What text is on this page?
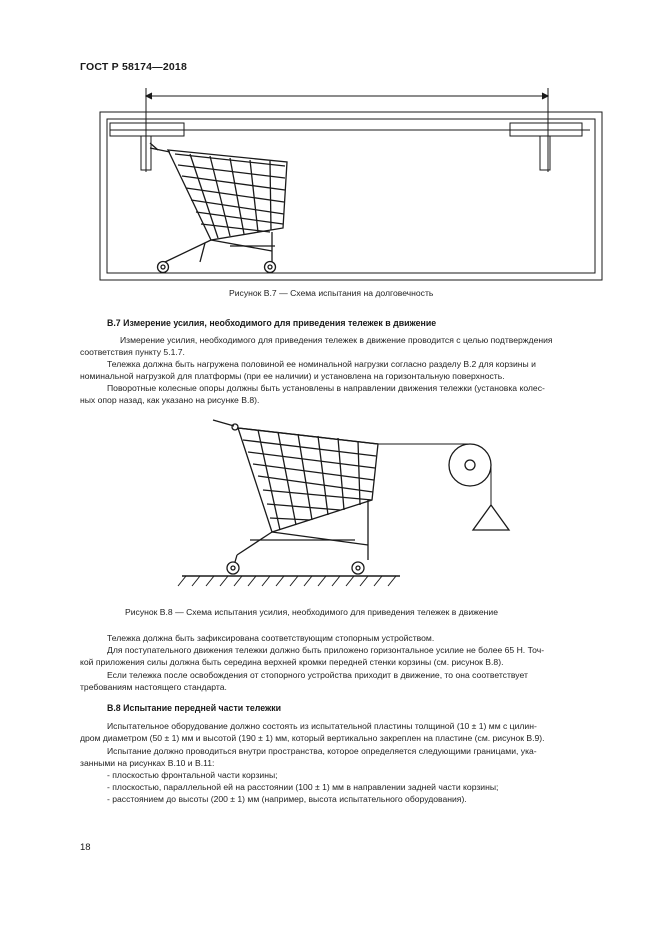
ГОСТ Р 58174—2018
Рисунок В.7 — Схема испытания на долговечность
В.7 Измерение усилия, необходимого для приведения тележек в движение
Измерение усилия, необходимого для приведения тележек в движение проводится с целью подтверждения
соответствия пункту 5.1.7.
Тележка должна быть нагружена половиной ее номинальной нагрузки согласно разделу В.2 для корзины и
номинальной нагрузкой для платформы (при ее наличии) и установлена на горизонтальную поверхность.
Поворотные колесные опоры должны быть установлены в направлении движения тележки (установка колес-
ных опор назад, как указано на рисунке В.8).
Рисунок В.8 — Схема испытания усилия, необходимого для приведения тележек в движение
Тележка должна быть зафиксирована соответствующим стопорным устройством.
Для поступательного движения тележки должно быть приложено горизонтальное усилие не более 65 Н. Точ-
кой приложения силы должна быть середина верхней кромки передней стенки корзины (см. рисунок В.8).
Если тележка после освобождения от стопорного устройства приходит в движение, то она соответствует
требованиям настоящего стандарта.
В.8 Испытание передней части тележки
Испытательное оборудование должно состоять из испытательной пластины толщиной (10 ± 1) мм с цилин-
дром диаметром (50 ± 1) мм и высотой (190 ± 1) мм, который вертикально закреплен на пластине (см. рисунок В.9).
Испытание должно проводиться внутри пространства, которое определяется следующими границами, ука-
занными на рисунках В.10 и В.11:
- плоскостью фронтальной части корзины;
- плоскостью, параллельной ей на расстоянии (100 ± 1) мм в направлении задней части корзины;
- расстоянием до высоты (200 ± 1) мм (например, высота испытательного оборудования).
18
